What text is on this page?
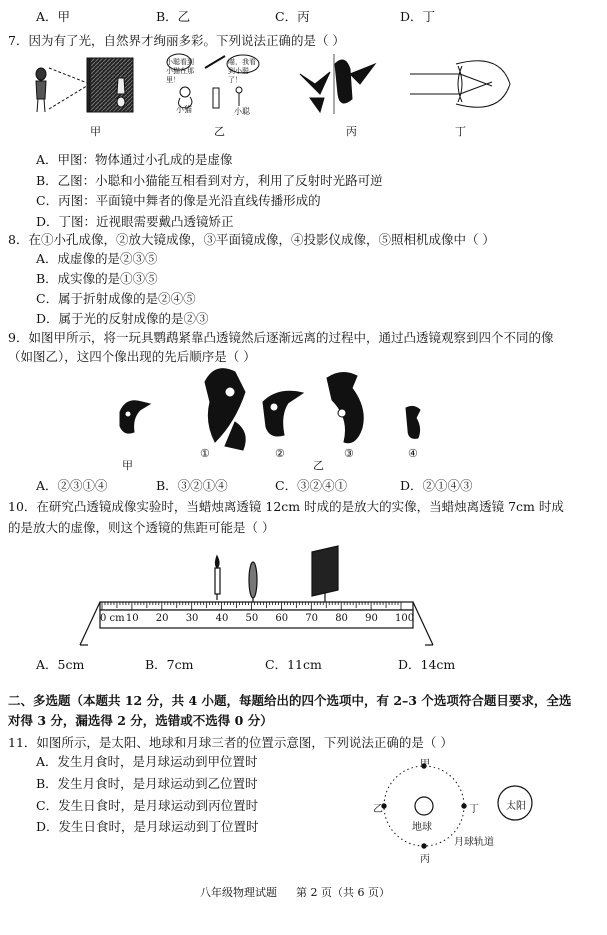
A．甲	B．乙	C．丙	D．丁
7．因为有了光，自然界才绚丽多彩。下列说法正确的是（ ）
小聪看到小猫在那里！
喵，我看到小聪了！
小猫	小聪
甲	乙	丙	丁
A．甲图：物体通过小孔成的是虚像
B．乙图：小聪和小猫能互相看到对方，利用了反射时光路可逆
C．丙图：平面镜中舞者的像是光沿直线传播形成的
D．丁图：近视眼需要戴凸透镜矫正
8．在①小孔成像，②放大镜成像，③平面镜成像，④投影仪成像，⑤照相机成像中（ ）
A．成虚像的是②③⑤
B．成实像的是①③⑤
C．属于折射成像的是②④⑤
D．属于光的反射成像的是②③
9．如图甲所示，将一玩具鹦鹉紧靠凸透镜然后逐渐远离的过程中，通过凸透镜观察到四个不同的像
（如图乙），这四个像出现的先后顺序是（ ）
甲
①	②
乙
③	④
A．②③①④	B．③②①④	C．③②④①	D．②①④③
10．在研究凸透镜成像实验时，当蜡烛离透镜 12cm 时成的是放大的实像，当蜡烛离透镜 7cm 时成
的是放大的虚像，则这个透镜的焦距可能是（ ）
0 cm 10 20 30 40 50 60 70 80 90 100
A．5cm	B．7cm	C．11cm	D．14cm
二、多选题（本题共 12 分，共 4 小题，每题给出的四个选项中，有 2–3 个选项符合题目要求，全选
对得 3 分，漏选得 2 分，选错或不选得 0 分）
11．如图所示，是太阳、地球和月球三者的位置示意图，下列说法正确的是（ ）
A．发生月食时，是月球运动到甲位置时
B．发生月食时，是月球运动到乙位置时
C．发生日食时，是月球运动到丙位置时
D．发生日食时，是月球运动到丁位置时
甲
乙
丙
丁
地球
太阳
月球轨道
八年级物理试题 第 2 页（共 6 页）
